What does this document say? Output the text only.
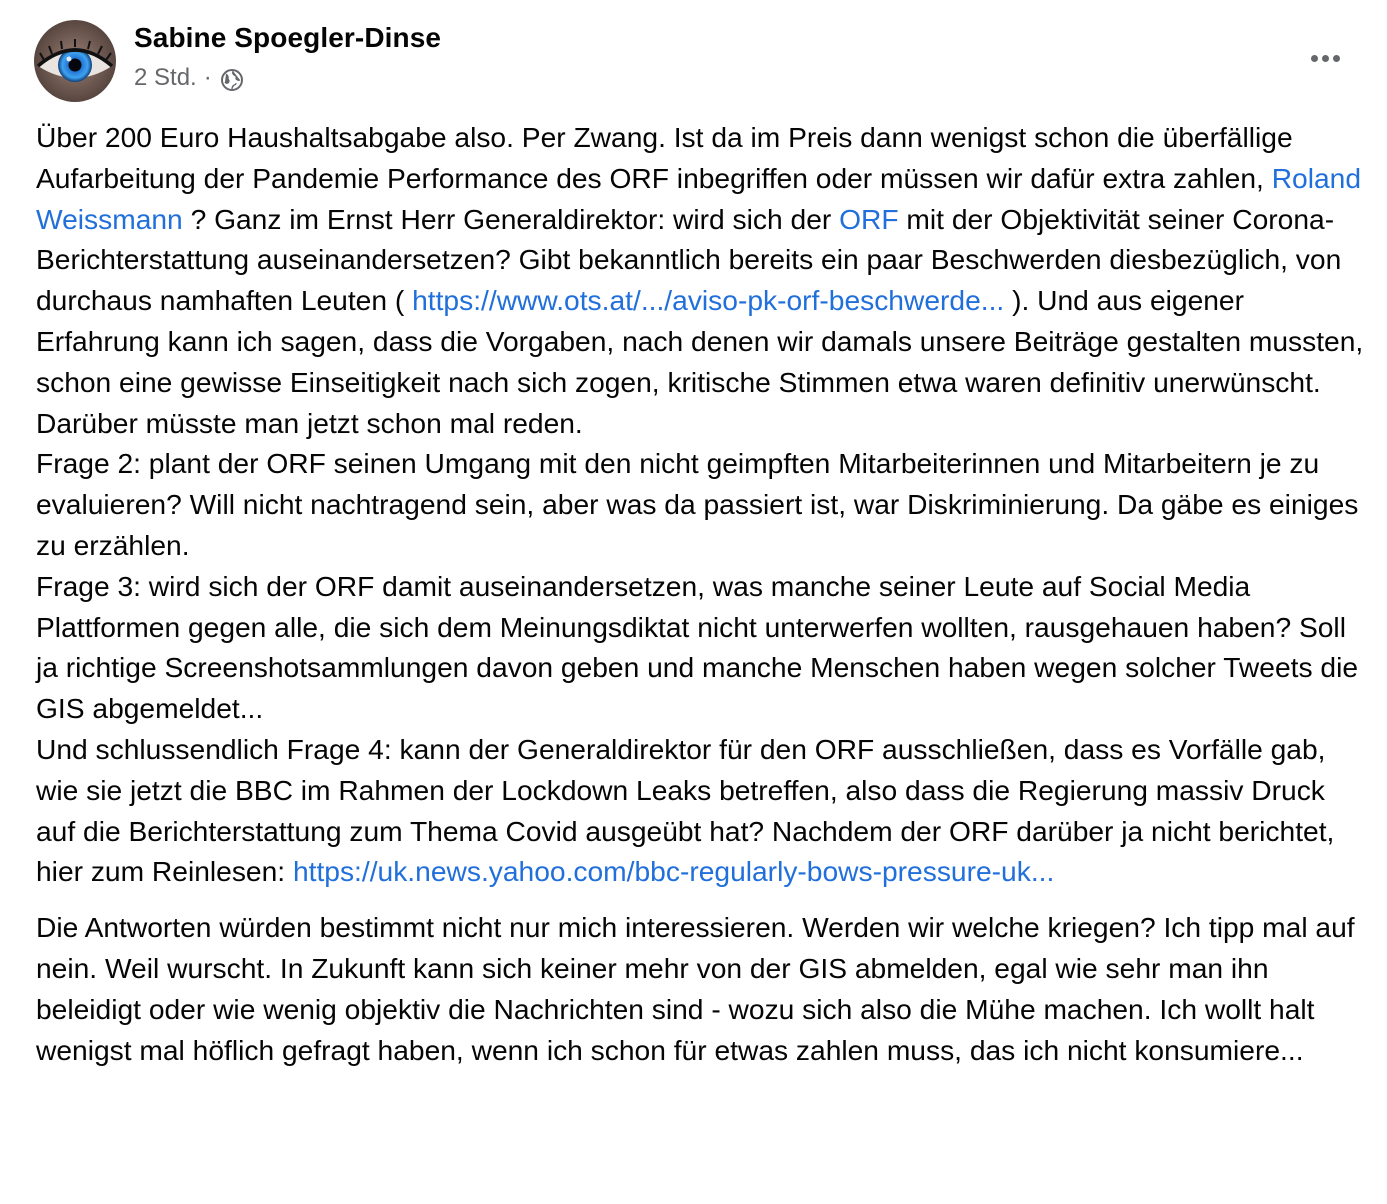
Sabine Spoegler-Dinse
2 Std. ·

Über 200 Euro Haushaltsabgabe also. Per Zwang. Ist da im Preis dann wenigst schon die überfällige Aufarbeitung der Pandemie Performance des ORF inbegriffen oder müssen wir dafür extra zahlen, Roland Weissmann ? Ganz im Ernst Herr Generaldirektor: wird sich der ORF mit der Objektivität seiner Corona-Berichterstattung auseinandersetzen? Gibt bekanntlich bereits ein paar Beschwerden diesbezüglich, von durchaus namhaften Leuten ( https://www.ots.at/.../aviso-pk-orf-beschwerde... ). Und aus eigener Erfahrung kann ich sagen, dass die Vorgaben, nach denen wir damals unsere Beiträge gestalten mussten, schon eine gewisse Einseitigkeit nach sich zogen, kritische Stimmen etwa waren definitiv unerwünscht. Darüber müsste man jetzt schon mal reden.

Frage 2: plant der ORF seinen Umgang mit den nicht geimpften Mitarbeiterinnen und Mitarbeitern je zu evaluieren? Will nicht nachtragend sein, aber was da passiert ist, war Diskriminierung. Da gäbe es einiges zu erzählen.

Frage 3: wird sich der ORF damit auseinandersetzen, was manche seiner Leute auf Social Media Plattformen gegen alle, die sich dem Meinungsdiktat nicht unterwerfen wollten, rausgehauen haben? Soll ja richtige Screenshotsammlungen davon geben und manche Menschen haben wegen solcher Tweets die GIS abgemeldet...

Und schlussendlich Frage 4: kann der Generaldirektor für den ORF ausschließen, dass es Vorfälle gab, wie sie jetzt die BBC im Rahmen der Lockdown Leaks betreffen, also dass die Regierung massiv Druck auf die Berichterstattung zum Thema Covid ausgeübt hat? Nachdem der ORF darüber ja nicht berichtet, hier zum Reinlesen: https://uk.news.yahoo.com/bbc-regularly-bows-pressure-uk...

Die Antworten würden bestimmt nicht nur mich interessieren. Werden wir welche kriegen? Ich tipp mal auf nein. Weil wurscht. In Zukunft kann sich keiner mehr von der GIS abmelden, egal wie sehr man ihn beleidigt oder wie wenig objektiv die Nachrichten sind - wozu sich also die Mühe machen. Ich wollt halt wenigst mal höflich gefragt haben, wenn ich schon für etwas zahlen muss, das ich nicht konsumiere...
